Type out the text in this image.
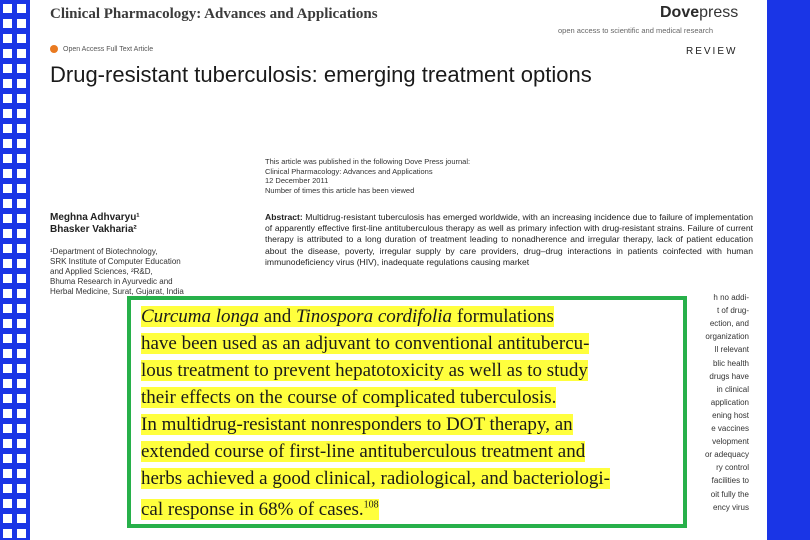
Clinical Pharmacology: Advances and Applications	Dovepress
open access to scientific and medical research
Open Access Full Text Article	REVIEW
Drug-resistant tuberculosis: emerging treatment options
This article was published in the following Dove Press journal:
Clinical Pharmacology: Advances and Applications
12 December 2011
Number of times this article has been viewed
Meghna Adhvaryu¹
Bhasker Vakharia²
¹Department of Biotechnology,
SRK Institute of Computer Education
and Applied Sciences, ²R&D,
Bhuma Research in Ayurvedic and
Herbal Medicine, Surat, Gujarat, India
Abstract: Multidrug-resistant tuberculosis has emerged worldwide, with an increasing incidence due to failure of implementation of apparently effective first-line antituberculous therapy as well as primary infection with drug-resistant strains. Failure of current therapy is attributed to a long duration of treatment leading to nonadherence and irregular therapy, lack of patient education about the disease, poverty, irregular supply by care providers, drug–drug interactions in patients coinfected with human immunodeficiency virus (HIV), inadequate regulations causing market
h no addi-
t of drug-
ection, and
organization
ll relevant
blic health
drugs have
in clinical
application
ening host
e vaccines
velopment
or adequacy
ry control
facilities to
oit fully the
ency virus
Curcuma longa and Tinospora cordifolia formulations
have been used as an adjuvant to conventional antitubercu-
lous treatment to prevent hepatotoxicity as well as to study
their effects on the course of complicated tuberculosis.
In multidrug-resistant nonresponders to DOT therapy, an
extended course of first-line antituberculous treatment and
herbs achieved a good clinical, radiological, and bacteriologi-
cal response in 68% of cases.$^{108}$
